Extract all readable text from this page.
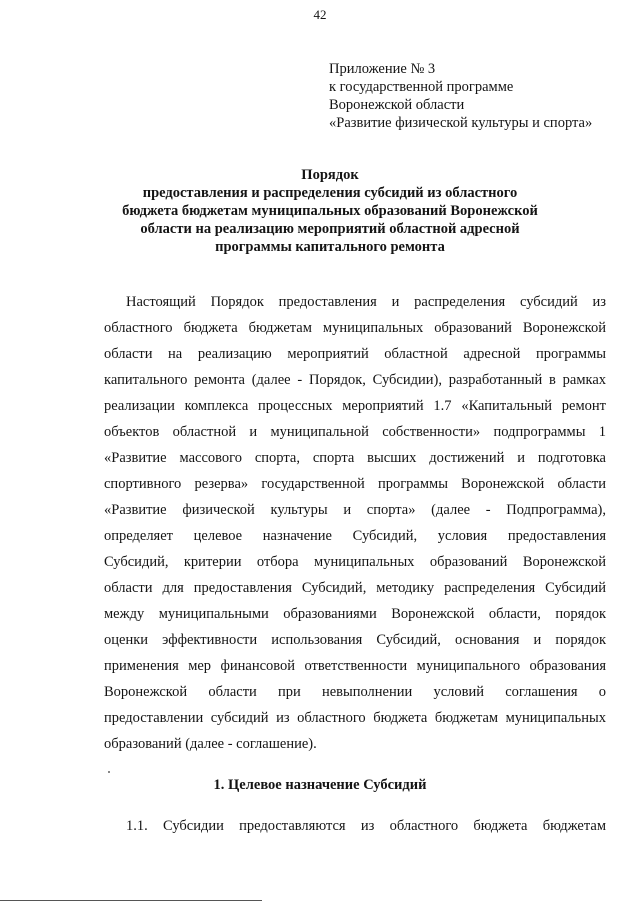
42
Приложение № 3
к государственной программе
Воронежской области
«Развитие физической культуры и спорта»
Порядок
предоставления и распределения субсидий из областного
бюджета бюджетам муниципальных образований Воронежской
области на реализацию мероприятий областной адресной
программы капитального ремонта
Настоящий Порядок предоставления и распределения субсидий из
областного бюджета бюджетам муниципальных образований Воронежской
области на реализацию мероприятий областной адресной программы
капитального ремонта (далее - Порядок, Субсидии), разработанный в рамках
реализации комплекса процессных мероприятий 1.7 «Капитальный ремонт
объектов областной и муниципальной собственности» подпрограммы 1
«Развитие массового спорта, спорта высших достижений и подготовка
спортивного резерва» государственной программы Воронежской области
«Развитие физической культуры и спорта» (далее - Подпрограмма),
определяет целевое назначение Субсидий, условия предоставления
Субсидий, критерии отбора муниципальных образований Воронежской
области для предоставления Субсидий, методику распределения Субсидий
между муниципальными образованиями Воронежской области, порядок
оценки эффективности использования Субсидий, основания и порядок
применения мер финансовой ответственности муниципального образования
Воронежской области при невыполнении условий соглашения о
предоставлении субсидий из областного бюджета бюджетам муниципальных
образований (далее - соглашение).
1. Целевое назначение Субсидий
1.1. Субсидии предоставляются из областного бюджета бюджетам
